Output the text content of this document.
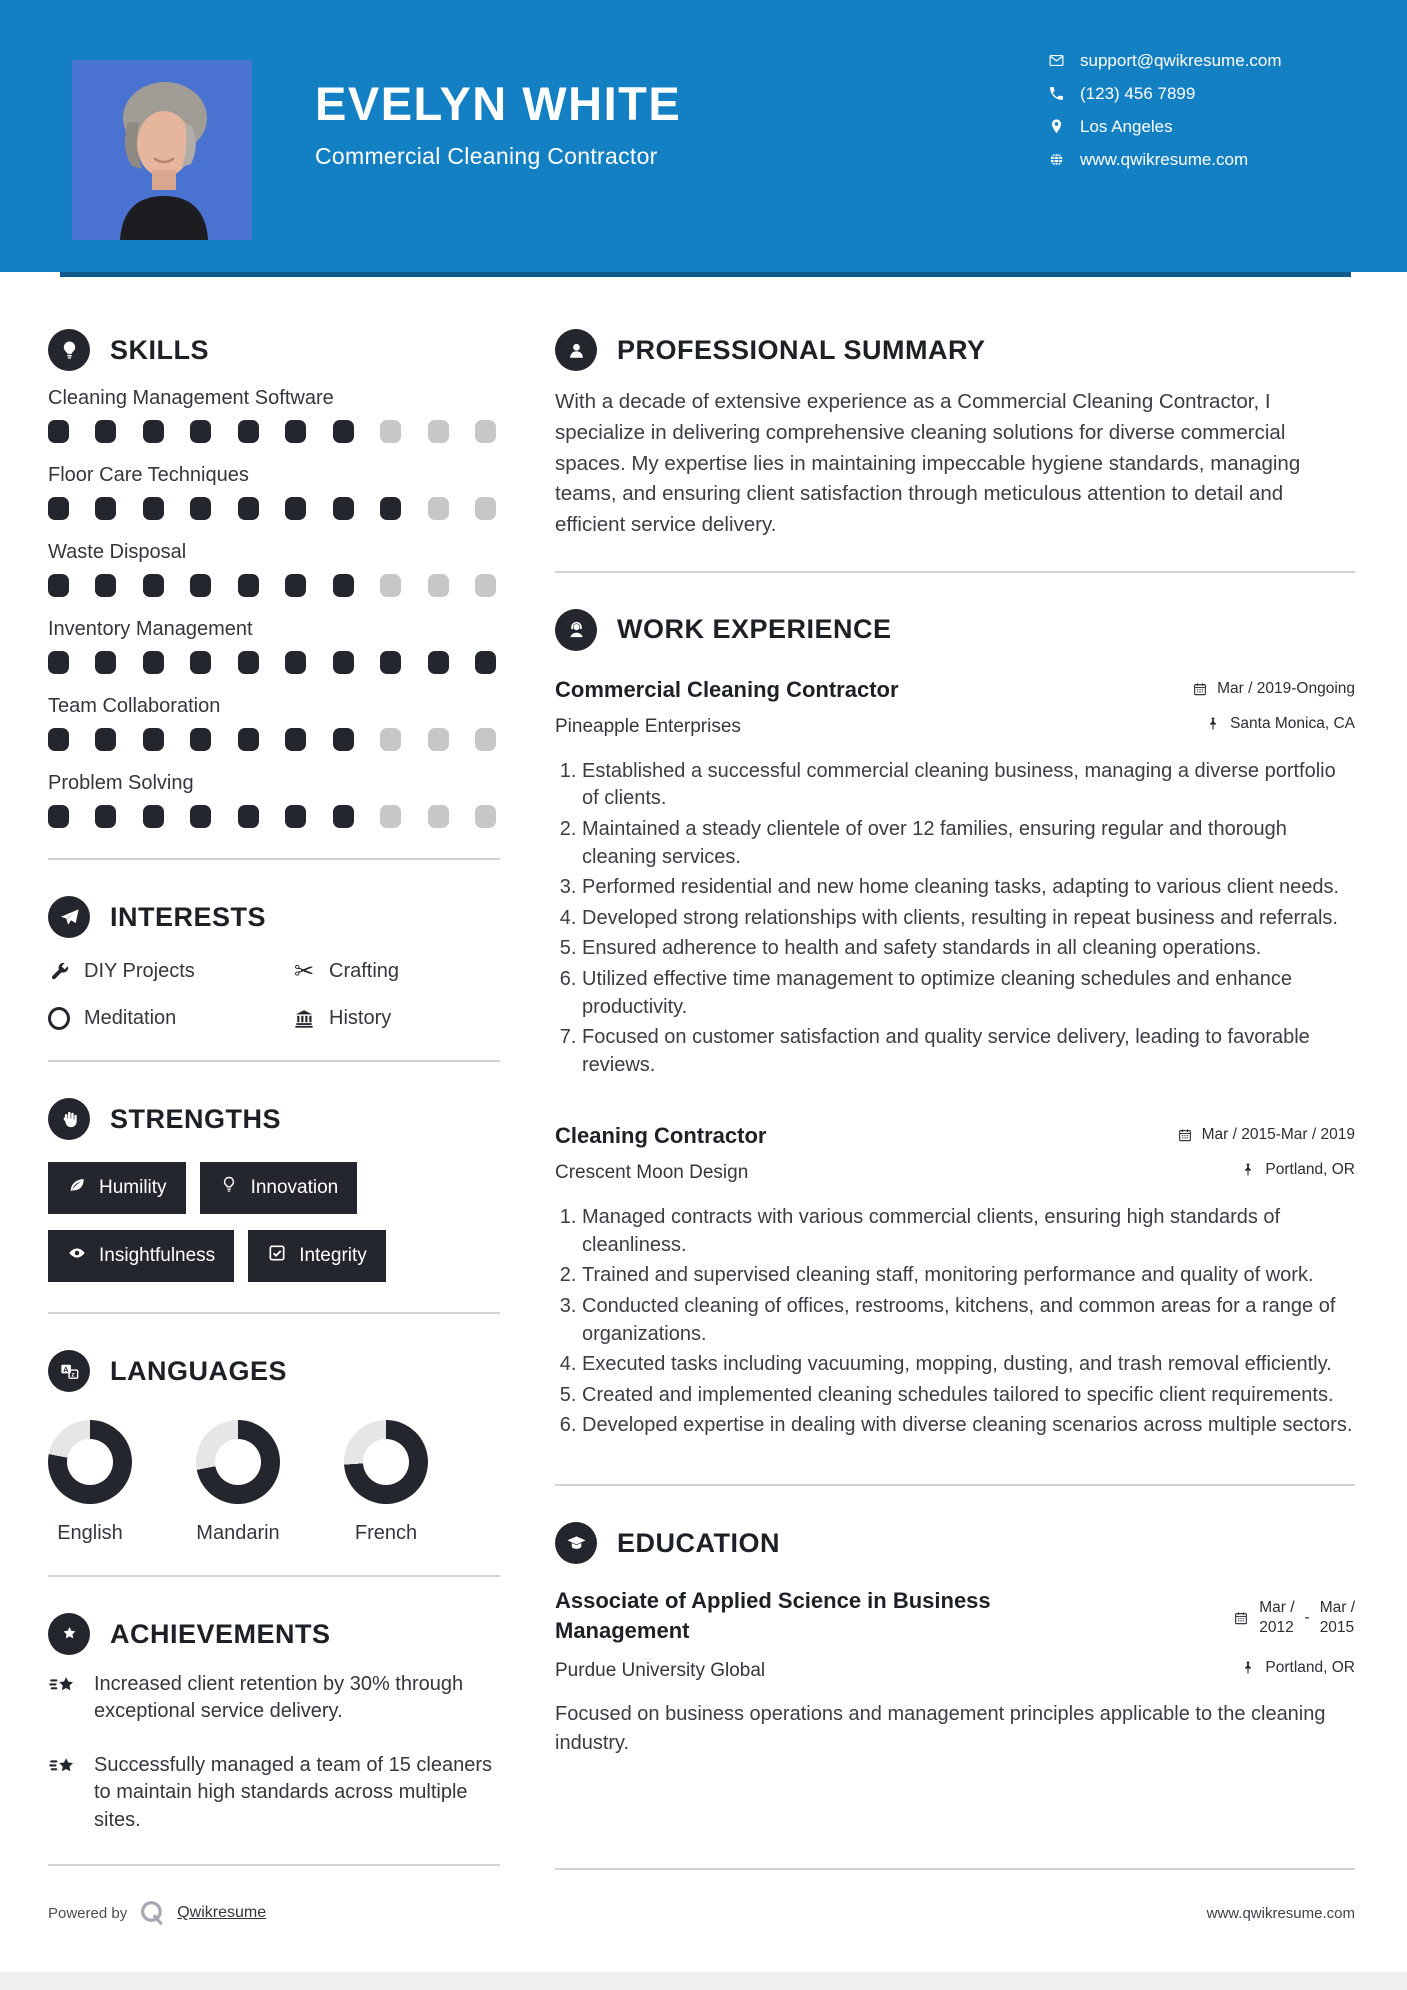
EVELYN WHITE
Commercial Cleaning Contractor
support@qwikresume.com
(123) 456 7899
Los Angeles
www.qwikresume.com
SKILLS
Cleaning Management Software
Floor Care Techniques
Waste Disposal
Inventory Management
Team Collaboration
Problem Solving
INTERESTS
DIY Projects	✂ Crafting
Meditation	History
STRENGTHS
Humility	Innovation
Insightfulness	Integrity
A
z LANGUAGES
English	Mandarin	French
ACHIEVEMENTS

Increased client retention by 30% through exceptional service delivery.

Successfully managed a team of 15 cleaners to maintain high standards across multiple sites.

PROFESSIONAL SUMMARY

With a decade of extensive experience as a Commercial Cleaning Contractor, I specialize in delivering comprehensive cleaning solutions for diverse commercial spaces. My expertise lies in maintaining impeccable hygiene standards, managing teams, and ensuring client satisfaction through meticulous attention to detail and efficient service delivery.

WORK EXPERIENCE
Commercial Cleaning Contractor	Mar / 2019-Ongoing
Pineapple Enterprises	Santa Monica, CA
1. Established a successful commercial cleaning business, managing a diverse portfolio of clients.
2. Maintained a steady clientele of over 12 families, ensuring regular and thorough cleaning services.
3. Performed residential and new home cleaning tasks, adapting to various client needs.
4. Developed strong relationships with clients, resulting in repeat business and referrals.
5. Ensured adherence to health and safety standards in all cleaning operations.
6. Utilized effective time management to optimize cleaning schedules and enhance productivity.
7. Focused on customer satisfaction and quality service delivery, leading to favorable reviews.
Cleaning Contractor	Mar / 2015-Mar / 2019
Crescent Moon Design	Portland, OR
1. Managed contracts with various commercial clients, ensuring high standards of cleanliness.
2. Trained and supervised cleaning staff, monitoring performance and quality of work.
3. Conducted cleaning of offices, restrooms, kitchens, and common areas for a range of organizations.
4. Executed tasks including vacuuming, mopping, dusting, and trash removal efficiently.
5. Created and implemented cleaning schedules tailored to specific client requirements.
6. Developed expertise in dealing with diverse cleaning scenarios across multiple sectors.
EDUCATION
Associate of Applied Science in Business Management
Mar /
2012
-
Mar /
2015
Purdue University Global	Portland, OR

Focused on business operations and management principles applicable to the cleaning industry.

Powered by	Qwikresume	www.qwikresume.com
